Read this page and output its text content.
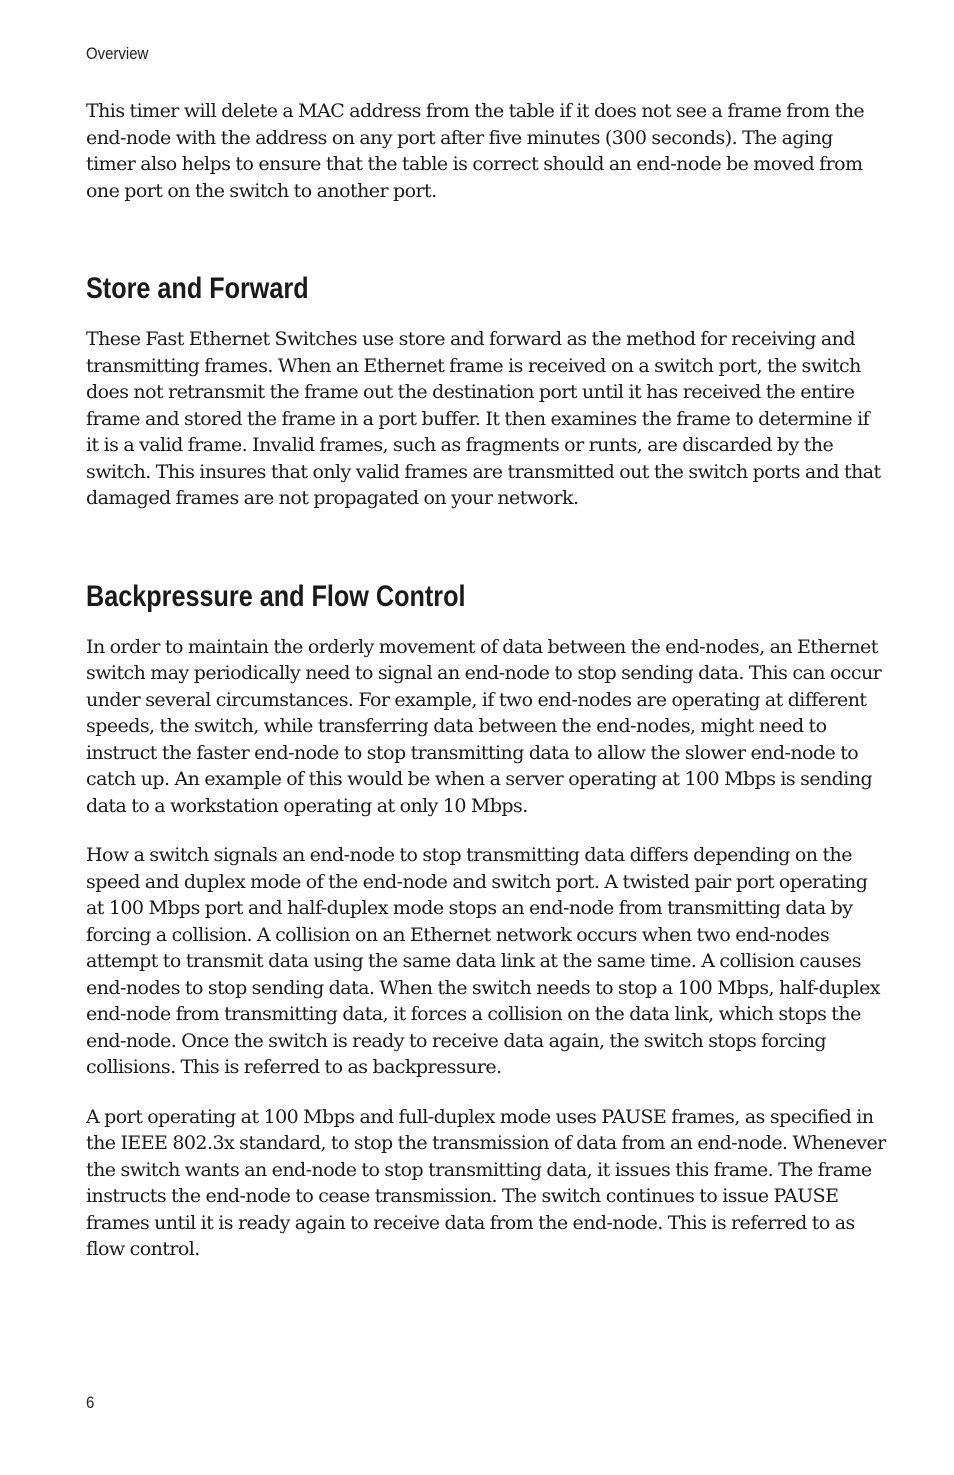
Overview

This timer will delete a MAC address from the table if it does not see a frame from the end-node with the address on any port after five minutes (300 seconds). The aging timer also helps to ensure that the table is correct should an end-node be moved from one port on the switch to another port.

Store and Forward

These Fast Ethernet Switches use store and forward as the method for receiving and transmitting frames. When an Ethernet frame is received on a switch port, the switch does not retransmit the frame out the destination port until it has received the entire frame and stored the frame in a port buffer. It then examines the frame to determine if it is a valid frame. Invalid frames, such as fragments or runts, are discarded by the switch. This insures that only valid frames are transmitted out the switch ports and that damaged frames are not propagated on your network.

Backpressure and Flow Control

In order to maintain the orderly movement of data between the end-nodes, an Ethernet switch may periodically need to signal an end-node to stop sending data. This can occur under several circumstances. For example, if two end-nodes are operating at different speeds, the switch, while transferring data between the end-nodes, might need to instruct the faster end-node to stop transmitting data to allow the slower end-node to catch up. An example of this would be when a server operating at 100 Mbps is sending data to a workstation operating at only 10 Mbps.

How a switch signals an end-node to stop transmitting data differs depending on the speed and duplex mode of the end-node and switch port. A twisted pair port operating at 100 Mbps port and half-duplex mode stops an end-node from transmitting data by forcing a collision. A collision on an Ethernet network occurs when two end-nodes attempt to transmit data using the same data link at the same time. A collision causes end-nodes to stop sending data. When the switch needs to stop a 100 Mbps, half-duplex end-node from transmitting data, it forces a collision on the data link, which stops the end-node. Once the switch is ready to receive data again, the switch stops forcing collisions. This is referred to as backpressure.

A port operating at 100 Mbps and full-duplex mode uses PAUSE frames, as specified in the IEEE 802.3x standard, to stop the transmission of data from an end-node. Whenever the switch wants an end-node to stop transmitting data, it issues this frame. The frame instructs the end-node to cease transmission. The switch continues to issue PAUSE frames until it is ready again to receive data from the end-node. This is referred to as flow control.

6
